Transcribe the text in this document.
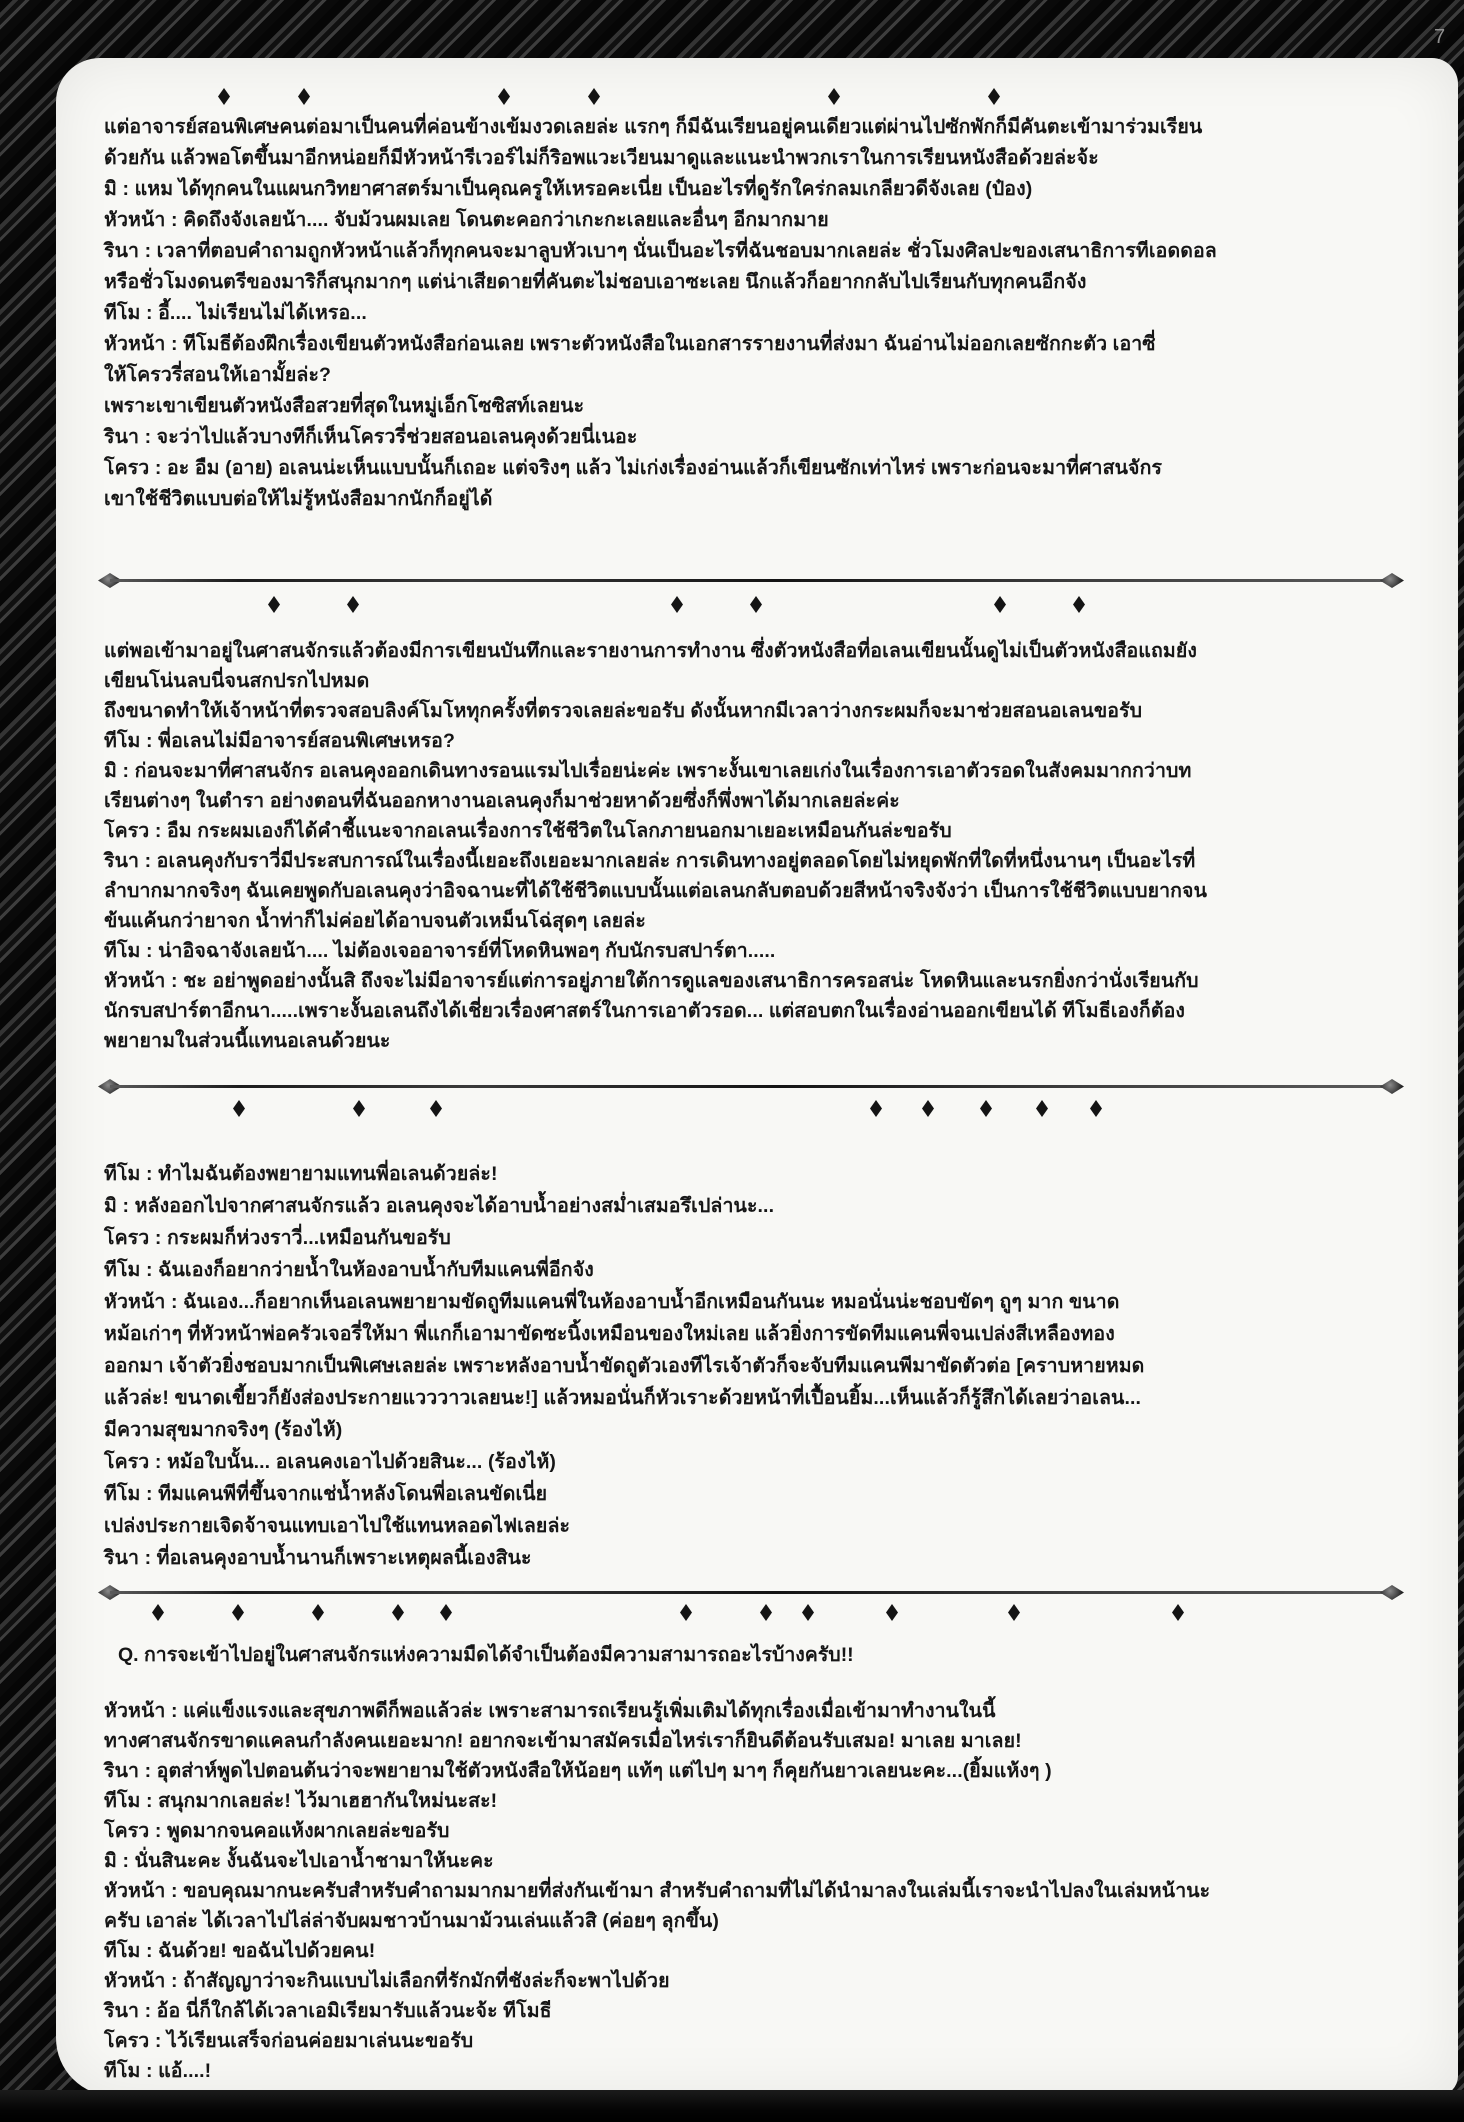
7

แต่อาจารย์สอนพิเศษคนต่อมาเป็นคนที่ค่อนข้างเข้มงวดเลยล่ะ แรกๆ ก็มีฉันเรียนอยู่คนเดียวแต่ผ่านไปซักพักก็มีคันตะเข้ามาร่วมเรียน

ด้วยกัน แล้วพอโตขึ้นมาอีกหน่อยก็มีหัวหน้ารีเวอร์ไม่ก็ริอพแวะเวียนมาดูและแนะนำพวกเราในการเรียนหนังสือด้วยล่ะจ้ะ

มิ : แหม ได้ทุกคนในแผนกวิทยาศาสตร์มาเป็นคุณครูให้เหรอคะเนี่ย เป็นอะไรที่ดูรักใคร่กลมเกลียวดีจังเลย (ป๋อง)

หัวหน้า : คิดถึงจังเลยน้า.... จับม้วนผมเลย โดนตะคอกว่าเกะกะเลยและอื่นๆ อีกมากมาย

รินา : เวลาที่ตอบคำถามถูกหัวหน้าแล้วก็ทุกคนจะมาลูบหัวเบาๆ นั่นเป็นอะไรที่ฉันชอบมากเลยล่ะ ชั่วโมงศิลปะของเสนาธิการทีเอดดอล

หรือชั่วโมงดนตรีของมาริก็สนุกมากๆ แต่น่าเสียดายที่คันตะไม่ชอบเอาซะเลย นึกแล้วก็อยากกลับไปเรียนกับทุกคนอีกจัง

ทีโม : อี้.... ไม่เรียนไม่ได้เหรอ...

หัวหน้า : ทีโมธีต้องฝึกเรื่องเขียนตัวหนังสือก่อนเลย เพราะตัวหนังสือในเอกสารรายงานที่ส่งมา ฉันอ่านไม่ออกเลยซักกะตัว เอาซี่

ให้โครวรี่สอนให้เอามั้ยล่ะ?

เพราะเขาเขียนตัวหนังสือสวยที่สุดในหมู่เอ็กโซซิสท์เลยนะ

รินา : จะว่าไปแล้วบางทีก็เห็นโครวรี่ช่วยสอนอเลนคุงด้วยนี่เนอะ

โครว : อะ อืม (อาย) อเลนน่ะเห็นแบบนั้นก็เถอะ แต่จริงๆ แล้ว ไม่เก่งเรื่องอ่านแล้วก็เขียนซักเท่าไหร่ เพราะก่อนจะมาที่ศาสนจักร

เขาใช้ชีวิตแบบต่อให้ไม่รู้หนังสือมากนักก็อยู่ได้

แต่พอเข้ามาอยู่ในศาสนจักรแล้วต้องมีการเขียนบันทึกและรายงานการทำงาน ซึ่งตัวหนังสือที่อเลนเขียนนั้นดูไม่เป็นตัวหนังสือแถมยัง

เขียนโน่นลบนี่จนสกปรกไปหมด

ถึงขนาดทำให้เจ้าหน้าที่ตรวจสอบลิงค์โมโหทุกครั้งที่ตรวจเลยล่ะขอรับ ดังนั้นหากมีเวลาว่างกระผมก็จะมาช่วยสอนอเลนขอรับ

ทีโม : พี่อเลนไม่มีอาจารย์สอนพิเศษเหรอ?

มิ : ก่อนจะมาที่ศาสนจักร อเลนคุงออกเดินทางรอนแรมไปเรื่อยน่ะค่ะ เพราะงั้นเขาเลยเก่งในเรื่องการเอาตัวรอดในสังคมมากกว่าบท

เรียนต่างๆ ในตำรา อย่างตอนที่ฉันออกหางานอเลนคุงก็มาช่วยหาด้วยซึ่งก็พึ่งพาได้มากเลยล่ะค่ะ

โครว : อืม กระผมเองก็ได้คำชี้แนะจากอเลนเรื่องการใช้ชีวิตในโลกภายนอกมาเยอะเหมือนกันล่ะขอรับ

รินา : อเลนคุงกับราวี่มีประสบการณ์ในเรื่องนี้เยอะถึงเยอะมากเลยล่ะ การเดินทางอยู่ตลอดโดยไม่หยุดพักที่ใดที่หนึ่งนานๆ เป็นอะไรที่

ลำบากมากจริงๆ ฉันเคยพูดกับอเลนคุงว่าอิจฉานะที่ได้ใช้ชีวิตแบบนั้นแต่อเลนกลับตอบด้วยสีหน้าจริงจังว่า เป็นการใช้ชีวิตแบบยากจน

ข้นแค้นกว่ายาจก น้ำท่าก็ไม่ค่อยได้อาบจนตัวเหม็นโฉ่สุดๆ เลยล่ะ

ทีโม : น่าอิจฉาจังเลยน้า.... ไม่ต้องเจออาจารย์ที่โหดหินพอๆ กับนักรบสปาร์ตา.....

หัวหน้า : ชะ อย่าพูดอย่างนั้นสิ ถึงจะไม่มีอาจารย์แต่การอยู่ภายใต้การดูแลของเสนาธิการครอสน่ะ โหดหินและนรกยิ่งกว่านั่งเรียนกับ

นักรบสปาร์ตาอีกนา.....เพราะงั้นอเลนถึงได้เชี่ยวเรื่องศาสตร์ในการเอาตัวรอด... แต่สอบตกในเรื่องอ่านออกเขียนได้ ทีโมธีเองก็ต้อง

พยายามในส่วนนี้แทนอเลนด้วยนะ

ทีโม : ทำไมฉันต้องพยายามแทนพี่อเลนด้วยล่ะ!

มิ : หลังออกไปจากศาสนจักรแล้ว อเลนคุงจะได้อาบน้ำอย่างสม่ำเสมอรึเปล่านะ...

โครว : กระผมก็ห่วงราวี่...เหมือนกันขอรับ

ทีโม : ฉันเองก็อยากว่ายน้ำในห้องอาบน้ำกับทีมแคนพี่อีกจัง

หัวหน้า : ฉันเอง...ก็อยากเห็นอเลนพยายามขัดถูทีมแคนพี่ในห้องอาบน้ำอีกเหมือนกันนะ หมอนั่นน่ะชอบขัดๆ ถูๆ มาก ขนาด

หม้อเก่าๆ ที่หัวหน้าพ่อครัวเจอรี่ให้มา พี่แกก็เอามาขัดซะนิ้งเหมือนของใหม่เลย แล้วยิ่งการขัดทีมแคนพี่จนเปล่งสีเหลืองทอง

ออกมา เจ้าตัวยิ่งชอบมากเป็นพิเศษเลยล่ะ เพราะหลังอาบน้ำขัดถูตัวเองทีไรเจ้าตัวก็จะจับทีมแคนพีมาขัดตัวต่อ [คราบหายหมด

แล้วล่ะ! ขนาดเขี้ยวก็ยังส่องประกายแวววาวเลยนะ!] แล้วหมอนั่นก็หัวเราะด้วยหน้าที่เปื้อนยิ้ม...เห็นแล้วก็รู้สึกได้เลยว่าอเลน...

มีความสุขมากจริงๆ (ร้องไห้)

โครว : หม้อใบนั้น... อเลนคงเอาไปด้วยสินะ... (ร้องไห้)

ทีโม : ทีมแคนพีที่ขึ้นจากแช่น้ำหลังโดนพี่อเลนขัดเนี่ย

เปล่งประกายเจิดจ้าจนแทบเอาไปใช้แทนหลอดไฟเลยล่ะ

รินา : ที่อเลนคุงอาบน้ำนานก็เพราะเหตุผลนี้เองสินะ

Q. การจะเข้าไปอยู่ในศาสนจักรแห่งความมืดได้จำเป็นต้องมีความสามารถอะไรบ้างครับ!!

หัวหน้า : แค่แข็งแรงและสุขภาพดีก็พอแล้วล่ะ เพราะสามารถเรียนรู้เพิ่มเติมได้ทุกเรื่องเมื่อเข้ามาทำงานในนี้

ทางศาสนจักรขาดแคลนกำลังคนเยอะมาก! อยากจะเข้ามาสมัครเมื่อไหร่เราก็ยินดีต้อนรับเสมอ! มาเลย มาเลย!

รินา : อุตส่าห์พูดไปตอนต้นว่าจะพยายามใช้ตัวหนังสือให้น้อยๆ แท้ๆ แต่ไปๆ มาๆ ก็คุยกันยาวเลยนะคะ...(ยิ้มแห้งๆ )

ทีโม : สนุกมากเลยล่ะ! ไว้มาเฮฮากันใหม่นะสะ!

โครว : พูดมากจนคอแห้งผากเลยล่ะขอรับ

มิ : นั่นสินะคะ งั้นฉันจะไปเอาน้ำชามาให้นะคะ

หัวหน้า : ขอบคุณมากนะครับสำหรับคำถามมากมายที่ส่งกันเข้ามา สำหรับคำถามที่ไม่ได้นำมาลงในเล่มนี้เราจะนำไปลงในเล่มหน้านะ

ครับ เอาล่ะ ได้เวลาไปไล่ล่าจับผมชาวบ้านมาม้วนเล่นแล้วสิ (ค่อยๆ ลุกขึ้น)

ทีโม : ฉันด้วย! ขอฉันไปด้วยคน!

หัวหน้า : ถ้าสัญญาว่าจะกินแบบไม่เลือกที่รักมักที่ชังล่ะก็จะพาไปด้วย

รินา : อ้อ นี่ก็ใกล้ได้เวลาเอมิเรียมารับแล้วนะจ้ะ ทีโมธี

โครว : ไว้เรียนเสร็จก่อนค่อยมาเล่นนะขอรับ

ทีโม : แอ้....!
